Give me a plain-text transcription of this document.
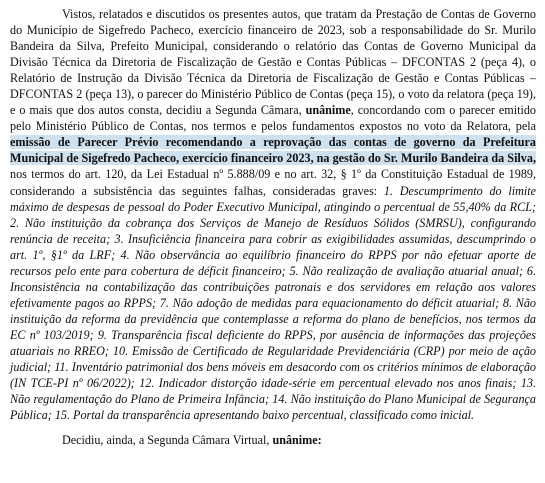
Vistos, relatados e discutidos os presentes autos, que tratam da Prestação de Contas de Governo do Município de Sigefredo Pacheco, exercício financeiro de 2023, sob a responsabilidade do Sr. Murilo Bandeira da Silva, Prefeito Municipal, considerando o relatório das Contas de Governo Municipal da Divisão Técnica da Diretoria de Fiscalização de Gestão e Contas Públicas – DFCONTAS 2 (peça 4), o Relatório de Instrução da Divisão Técnica da Diretoria de Fiscalização de Gestão e Contas Públicas – DFCONTAS 2 (peça 13), o parecer do Ministério Público de Contas (peça 15), o voto da relatora (peça 19), e o mais que dos autos consta, decidiu a Segunda Câmara, unânime, concordando com o parecer emitido pelo Ministério Público de Contas, nos termos e pelos fundamentos expostos no voto da Relatora, pela emissão de Parecer Prévio recomendando a reprovação das contas de governo da Prefeitura Municipal de Sigefredo Pacheco, exercício financeiro 2023, na gestão do Sr. Murilo Bandeira da Silva, nos termos do art. 120, da Lei Estadual nº 5.888/09 e no art. 32, § 1º da Constituição Estadual de 1989, considerando a subsistência das seguintes falhas, consideradas graves: 1. Descumprimento do limite máximo de despesas de pessoal do Poder Executivo Municipal, atingindo o percentual de 55,40% da RCL; 2. Não instituição da cobrança dos Serviços de Manejo de Resíduos Sólidos (SMRSU), configurando renúncia de receita; 3. Insuficiência financeira para cobrir as exigibilidades assumidas, descumprindo o art. 1º, §1º da LRF; 4. Não observância ao equilíbrio financeiro do RPPS por não efetuar aporte de recursos pelo ente para cobertura de déficit financeiro; 5. Não realização de avaliação atuarial anual; 6. Inconsistência na contabilização das contribuições patronais e dos servidores em relação aos valores efetivamente pagos ao RPPS; 7. Não adoção de medidas para equacionamento do déficit atuarial; 8. Não instituição da reforma da previdência que contemplasse a reforma do plano de benefícios, nos termos da EC nº 103/2019; 9. Transparência fiscal deficiente do RPPS, por ausência de informações das projeções atuariais no RREO; 10. Emissão de Certificado de Regularidade Previdenciária (CRP) por meio de ação judicial; 11. Inventário patrimonial dos bens móveis em desacordo com os critérios mínimos de elaboração (IN TCE-PI nº 06/2022); 12. Indicador distorção idade-série em percentual elevado nos anos finais; 13. Não regulamentação do Plano de Primeira Infância; 14. Não instituição do Plano Municipal de Segurança Pública; 15. Portal da transparência apresentando baixo percentual, classificado como inicial.

Decidiu, ainda, a Segunda Câmara Virtual, unânime:
